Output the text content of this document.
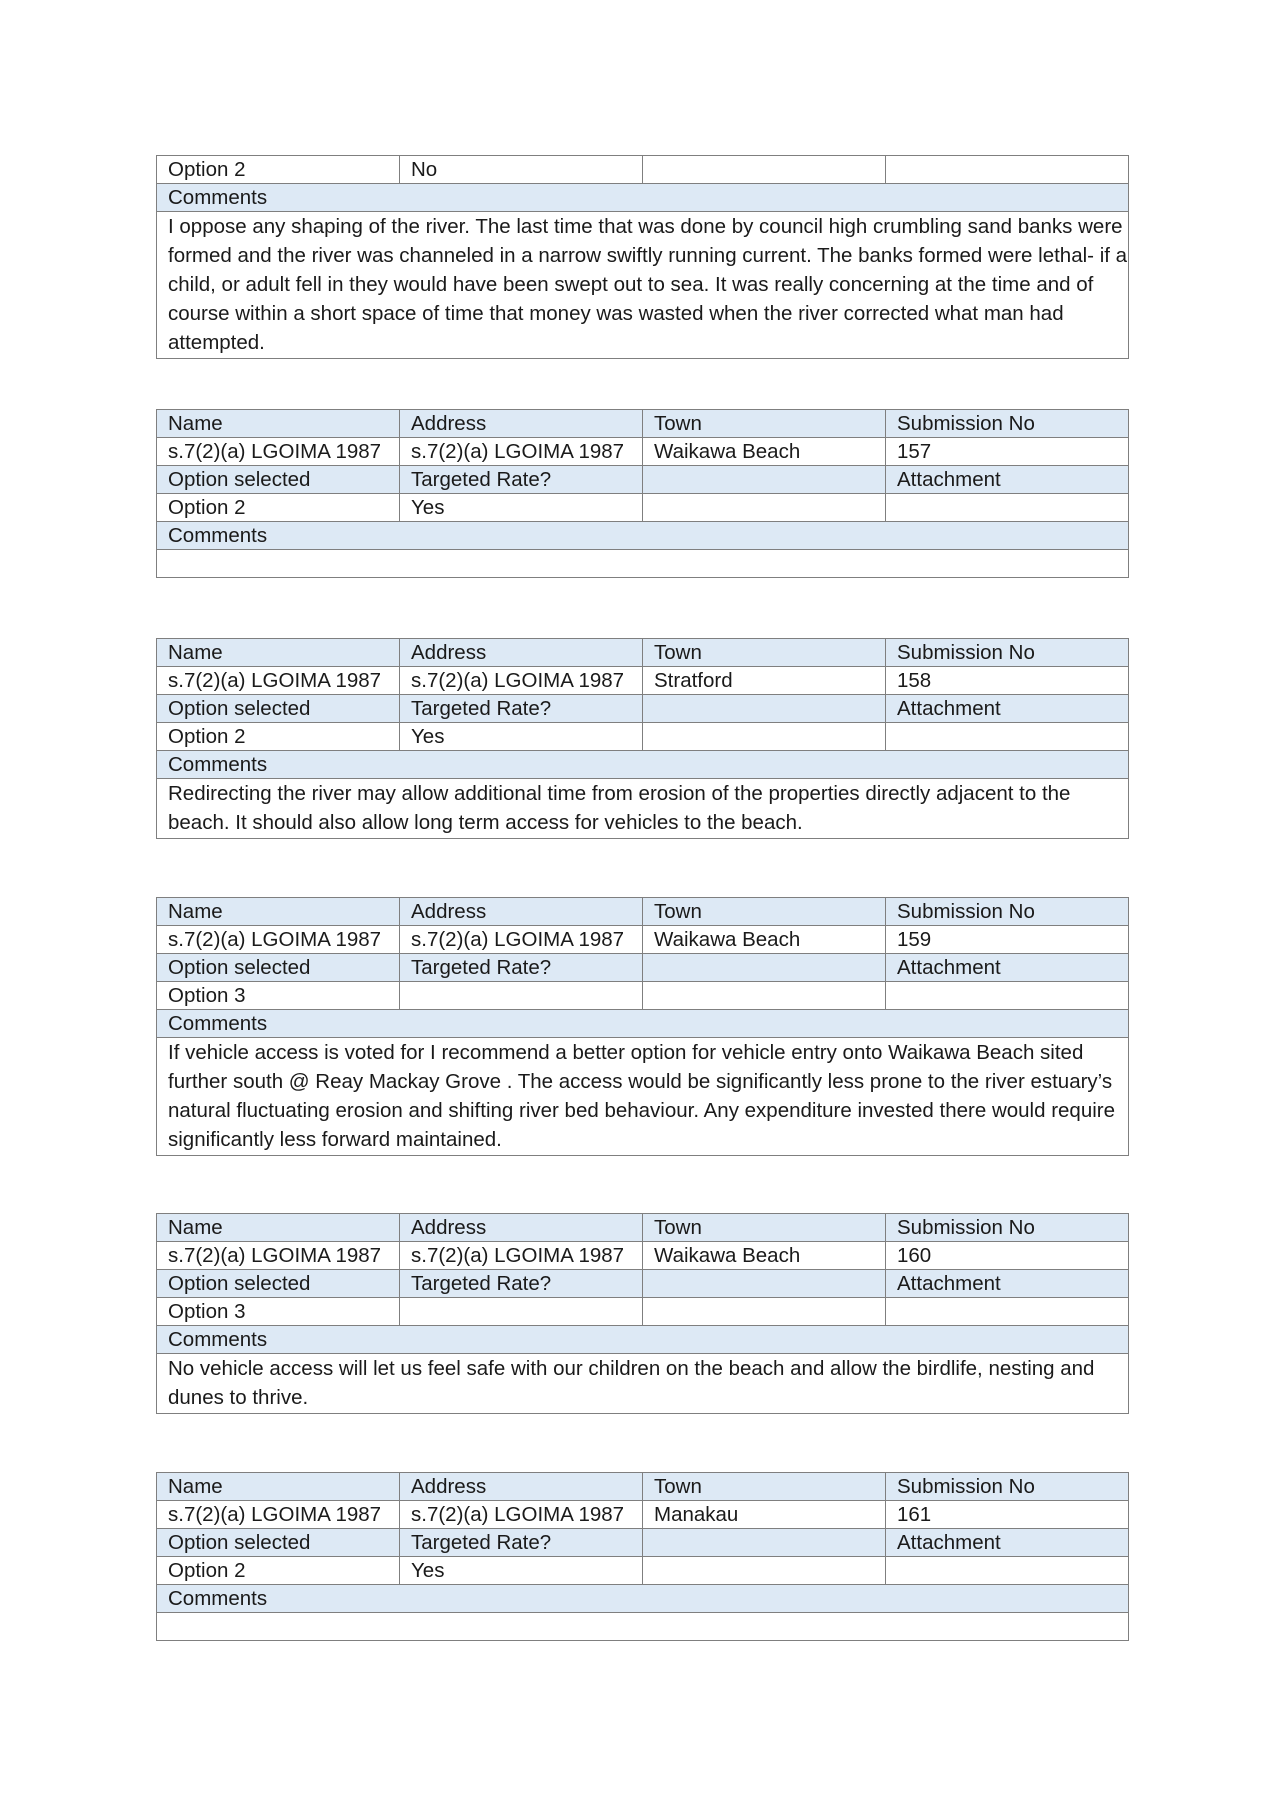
Option 2	No		
Comments
I oppose any shaping of the river. The last time that was done by council high crumbling sand banks were formed and the river was channeled in a narrow swiftly running current. The banks formed were lethal- if a child, or adult fell in they would have been swept out to sea. It was really concerning at the time and of course within a short space of time that money was wasted when the river corrected what man had attempted.
Name	Address	Town	Submission No
s.7(2)(a) LGOIMA 1987	s.7(2)(a) LGOIMA 1987	Waikawa Beach	157
Option selected	Targeted Rate?		Attachment
Option 2	Yes		
Comments			

Name	Address	Town	Submission No
s.7(2)(a) LGOIMA 1987	s.7(2)(a) LGOIMA 1987	Stratford	158
Option selected	Targeted Rate?		Attachment
Option 2	Yes		
Comments			
Redirecting the river may allow additional time from erosion of the properties directly adjacent to the beach. It should also allow long term access for vehicles to the beach.			
Name	Address	Town	Submission No
s.7(2)(a) LGOIMA 1987	s.7(2)(a) LGOIMA 1987	Waikawa Beach	159
Option selected	Targeted Rate?		Attachment
Option 3			
Comments			
If vehicle access is voted for I recommend a better option for vehicle entry onto Waikawa Beach sited further south @ Reay Mackay Grove . The access would be significantly less prone to the river estuary’s natural fluctuating erosion and shifting river bed behaviour. Any expenditure invested there would require significantly less forward maintained.			
Name	Address	Town	Submission No
s.7(2)(a) LGOIMA 1987	s.7(2)(a) LGOIMA 1987	Waikawa Beach	160
Option selected	Targeted Rate?		Attachment
Option 3			
Comments			
No vehicle access will let us feel safe with our children on the beach and allow the birdlife, nesting and dunes to thrive.			
Name	Address	Town	Submission No
s.7(2)(a) LGOIMA 1987	s.7(2)(a) LGOIMA 1987	Manakau	161
Option selected	Targeted Rate?		Attachment
Option 2	Yes		
Comments			
